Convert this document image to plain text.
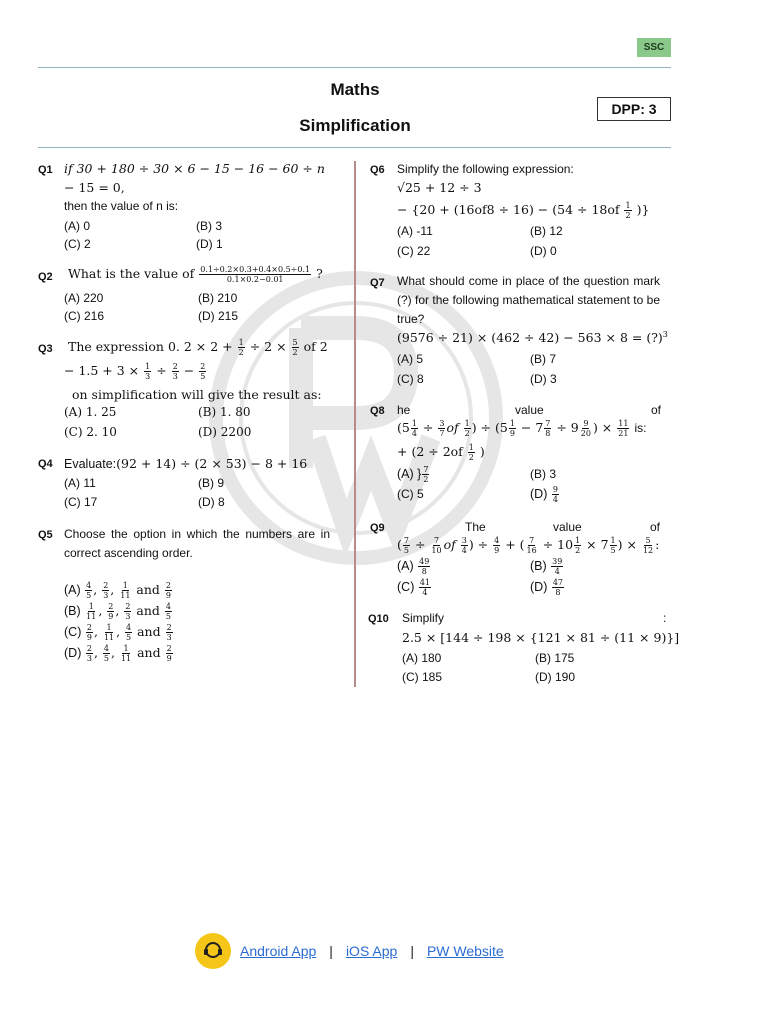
SSC
Maths
Simplification
DPP: 3
Q1 if 30 + 180 ÷ 30 × 6 − 15 − 16 − 60 ÷ n
− 15 = 0,
then the value of n is:
(A) 0	(B) 3
(C) 2	(D) 1
Q2 What is the value of $\frac{0.1\div 0.2\times 0.3+0.4\times 0.5\div 0.1}{0.1\times 0.2-0.01}$ ?
(A) 220	(B) 210
(C) 216	(D) 215
Q3 The expression 0. $2 \times 2 + \frac{1}{2} \div 2 \times \frac{5}{2}$ of 2
− $1.5 + 3 \times \frac{1}{3} \div \frac{2}{3} - \frac{2}{5}$
on simplification will give the result as:
(A) 1. 25	(B) 1. 80
(C) 2. 10	(D) 2200
Q4 Evaluate:(92 + 14) ÷ (2 × 53) − 8 + 16
(A) 11	(B) 9
(C) 17	(D) 8
Q5 Choose the option in which the numbers are in correct ascending order.
$(A) \frac{4}{5}$ , $\frac{2}{3}$ , $\frac{1}{11}$ and $\frac{2}{9}$
$(B) \frac{1}{11}$ , $\frac{2}{9}$ , $\frac{2}{3}$ and $\frac{4}{5}$
$(C) \frac{2}{9}$ , $\frac{1}{11}$ , $\frac{4}{5}$ and $\frac{2}{3}$
$(D) \frac{2}{3}$ , $\frac{4}{5}$ , $\frac{1}{11}$ and $\frac{2}{9}$
Q6 Simplify the following expression:
√25 + 12 ÷ 3
− {$20 + (16of8 \div 16) - (54 \div 18of \frac{1}{2}$ )}
(A) -11	(B) 12
(C) 22	(D) 0
Q7 What should come in place of the question mark (?) for the following mathematical statement to be true?
(9576 ÷ 21) × (462 ÷ 42) − 563 × 8 = (?)$^3$
(A) 5	(B) 7
(C) 8	(D) 3
Q8 he	value	of
($5 \frac{1}{4} \div \frac{3}{7}$ of $\frac{1}{2}$ ) ÷ ($5 \frac{1}{9} - 7 \frac{7}{8} \div 9 \frac{9}{20}$ ) × $\frac{11}{21}$ is:
+ ($2 \div 2of \frac{1}{2}$ )
(A) } $\frac{7}{2}$	(B) 3
(C) 5	$(D) \frac{9}{4}$
Q9	The	value	of
( $\frac{7}{5} \div \frac{7}{10}$ of $\frac{3}{4}$ ) ÷ $\frac{4}{9}$ + ( $\frac{7}{16} \div 10 \frac{1}{2} \times 7 \frac{1}{5}$ ) × $\frac{5}{12}$ :
$(A) \frac{49}{8}$	$(B) \frac{39}{4}$
$(C) \frac{41}{4}$	$(D) \frac{47}{8}$
Q10 Simplify	:
2.5 × [144 ÷ 198 × {121 × 81 ÷ (11 × 9)}]
(A) 180	(B) 175
(C) 185	(D) 190
Android App | iOS App | PW Website
